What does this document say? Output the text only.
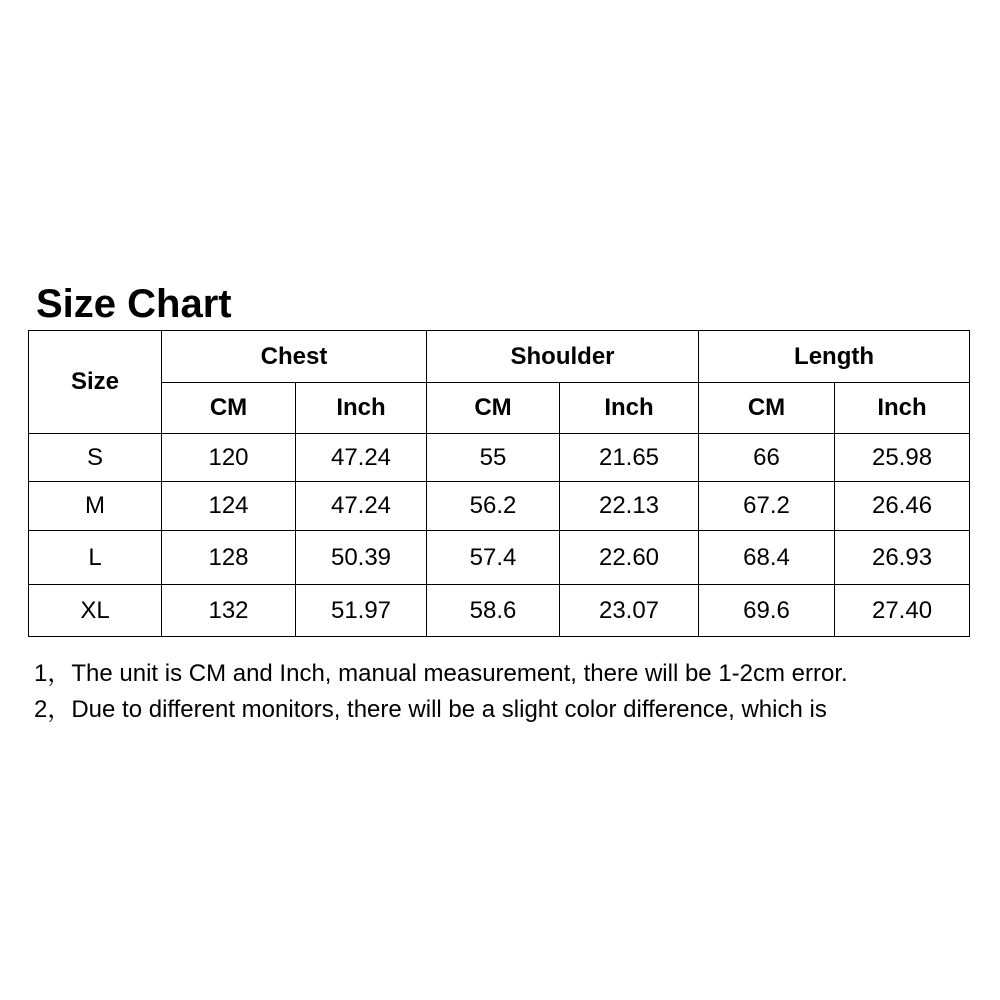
Size Chart
Size	Chest		Shoulder		Length	
	CM	Inch	CM	Inch	CM	Inch
S	120	47.24	55	21.65	66	25.98
M	124	47.24	56.2	22.13	67.2	26.46
L	128	50.39	57.4	22.60	68.4	26.93
XL	132	51.97	58.6	23.07	69.6	27.40
1，The unit is CM and Inch, manual measurement, there will be 1-2cm error.
2，Due to different monitors, there will be a slight color difference, which is
